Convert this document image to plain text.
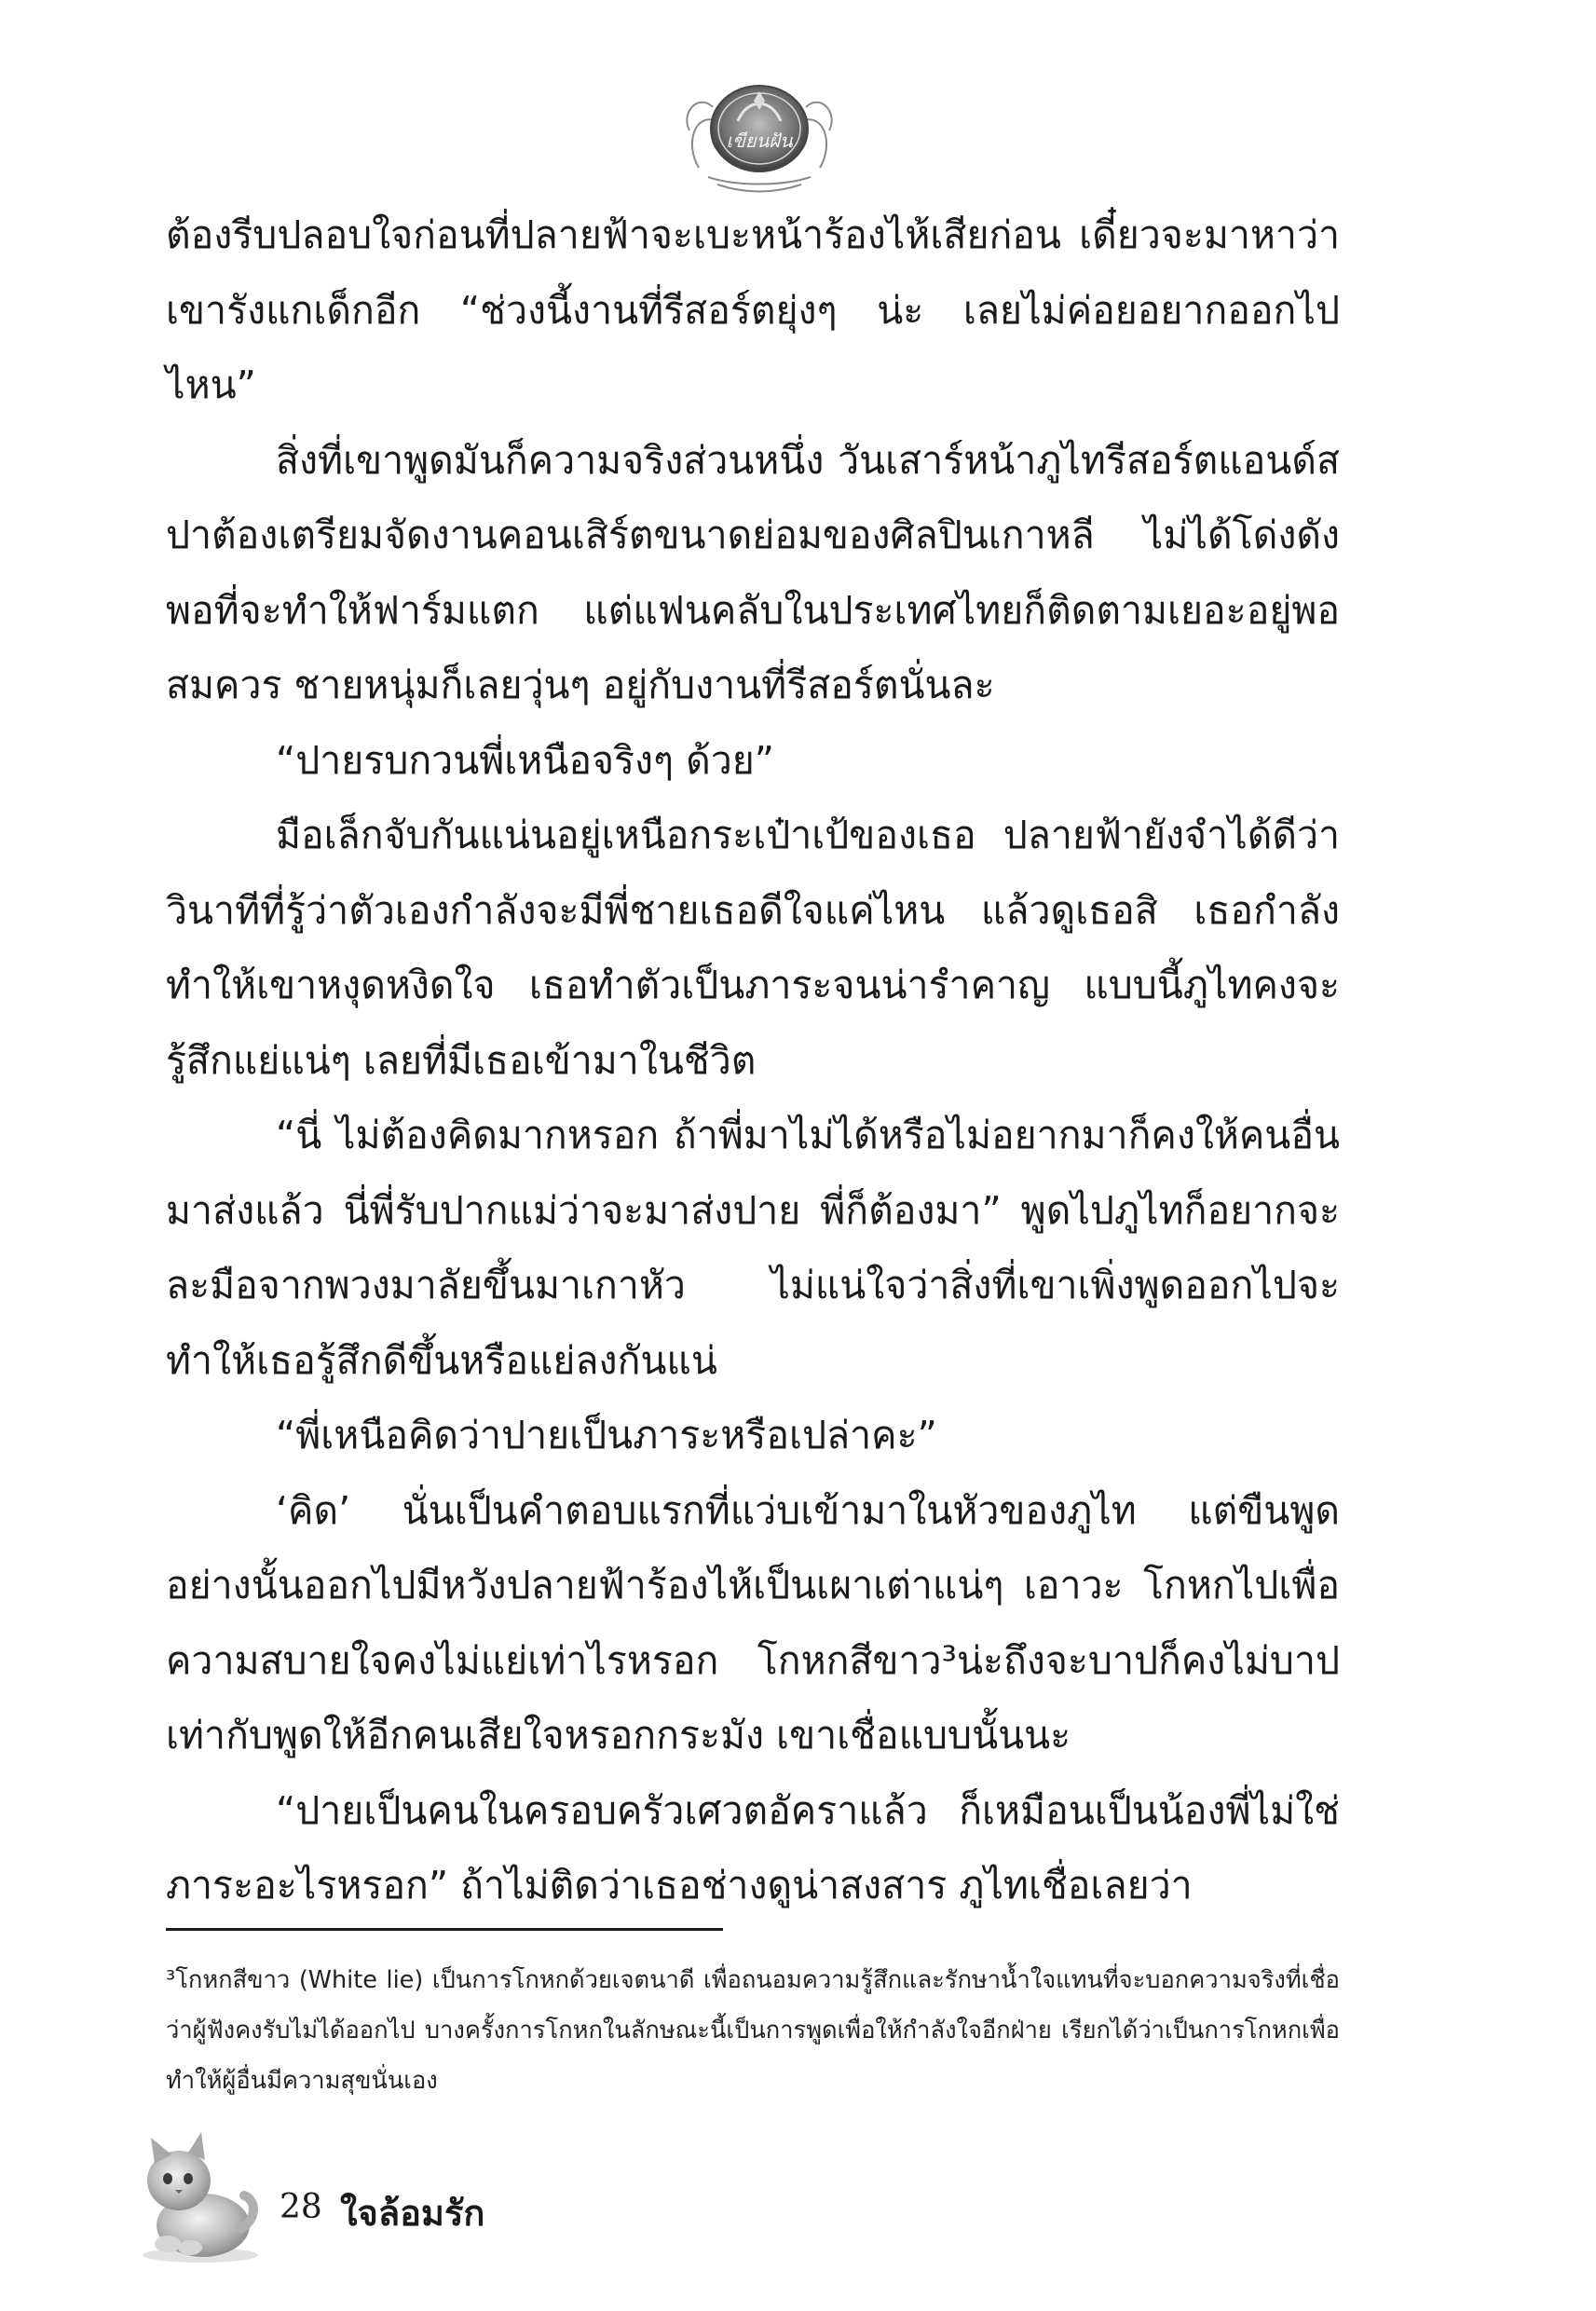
เขียนฝัน

ต้องรีบปลอบใจก่อนที่ปลายฟ้าจะเบะหน้าร้องไห้เสียก่อน เดี๋ยวจะมาหาว่าเขารังแกเด็กอีก “ช่วงนี้งานที่รีสอร์ตยุ่งๆ น่ะ เลยไม่ค่อยอยากออกไปไหน”

สิ่งที่เขาพูดมันก็ความจริงส่วนหนึ่ง วันเสาร์หน้าภูไทรีสอร์ตแอนด์สปาต้องเตรียมจัดงานคอนเสิร์ตขนาดย่อมของศิลปินเกาหลี ไม่ได้โด่งดังพอที่จะทำให้ฟาร์มแตก แต่แฟนคลับในประเทศไทยก็ติดตามเยอะอยู่พอสมควร ชายหนุ่มก็เลยวุ่นๆ อยู่กับงานที่รีสอร์ตนั่นละ

“ปายรบกวนพี่เหนือจริงๆ ด้วย”

มือเล็กจับกันแน่นอยู่เหนือกระเป๋าเป้ของเธอ ปลายฟ้ายังจำได้ดีว่าวินาทีที่รู้ว่าตัวเองกำลังจะมีพี่ชายเธอดีใจแค่ไหน แล้วดูเธอสิ เธอกำลังทำให้เขาหงุดหงิดใจ เธอทำตัวเป็นภาระจนน่ารำคาญ แบบนี้ภูไทคงจะรู้สึกแย่แน่ๆ เลยที่มีเธอเข้ามาในชีวิต

“นี่ ไม่ต้องคิดมากหรอก ถ้าพี่มาไม่ได้หรือไม่อยากมาก็คงให้คนอื่นมาส่งแล้ว นี่พี่รับปากแม่ว่าจะมาส่งปาย พี่ก็ต้องมา” พูดไปภูไทก็อยากจะละมือจากพวงมาลัยขึ้นมาเกาหัว ไม่แน่ใจว่าสิ่งที่เขาเพิ่งพูดออกไปจะทำให้เธอรู้สึกดีขึ้นหรือแย่ลงกันแน่

“พี่เหนือคิดว่าปายเป็นภาระหรือเปล่าคะ”

‘คิด’ นั่นเป็นคำตอบแรกที่แว่บเข้ามาในหัวของภูไท แต่ขืนพูดอย่างนั้นออกไปมีหวังปลายฟ้าร้องไห้เป็นเผาเต่าแน่ๆ เอาวะ โกหกไปเพื่อความสบายใจคงไม่แย่เท่าไรหรอก โกหกสีขาว³น่ะถึงจะบาปก็คงไม่บาปเท่ากับพูดให้อีกคนเสียใจหรอกกระมัง เขาเชื่อแบบนั้นนะ

“ปายเป็นคนในครอบครัวเศวตอัคราแล้ว ก็เหมือนเป็นน้องพี่ไม่ใช่ภาระอะไรหรอก” ถ้าไม่ติดว่าเธอช่างดูน่าสงสาร ภูไทเชื่อเลยว่า

³โกหกสีขาว (White lie) เป็นการโกหกด้วยเจตนาดี เพื่อถนอมความรู้สึกและรักษาน้ำใจแทนที่จะบอกความจริงที่เชื่อว่าผู้ฟังคงรับไม่ได้ออกไป บางครั้งการโกหกในลักษณะนี้เป็นการพูดเพื่อให้กำลังใจอีกฝ่าย เรียกได้ว่าเป็นการโกหกเพื่อทำให้ผู้อื่นมีความสุขนั่นเอง
28 ใจล้อมรัก
